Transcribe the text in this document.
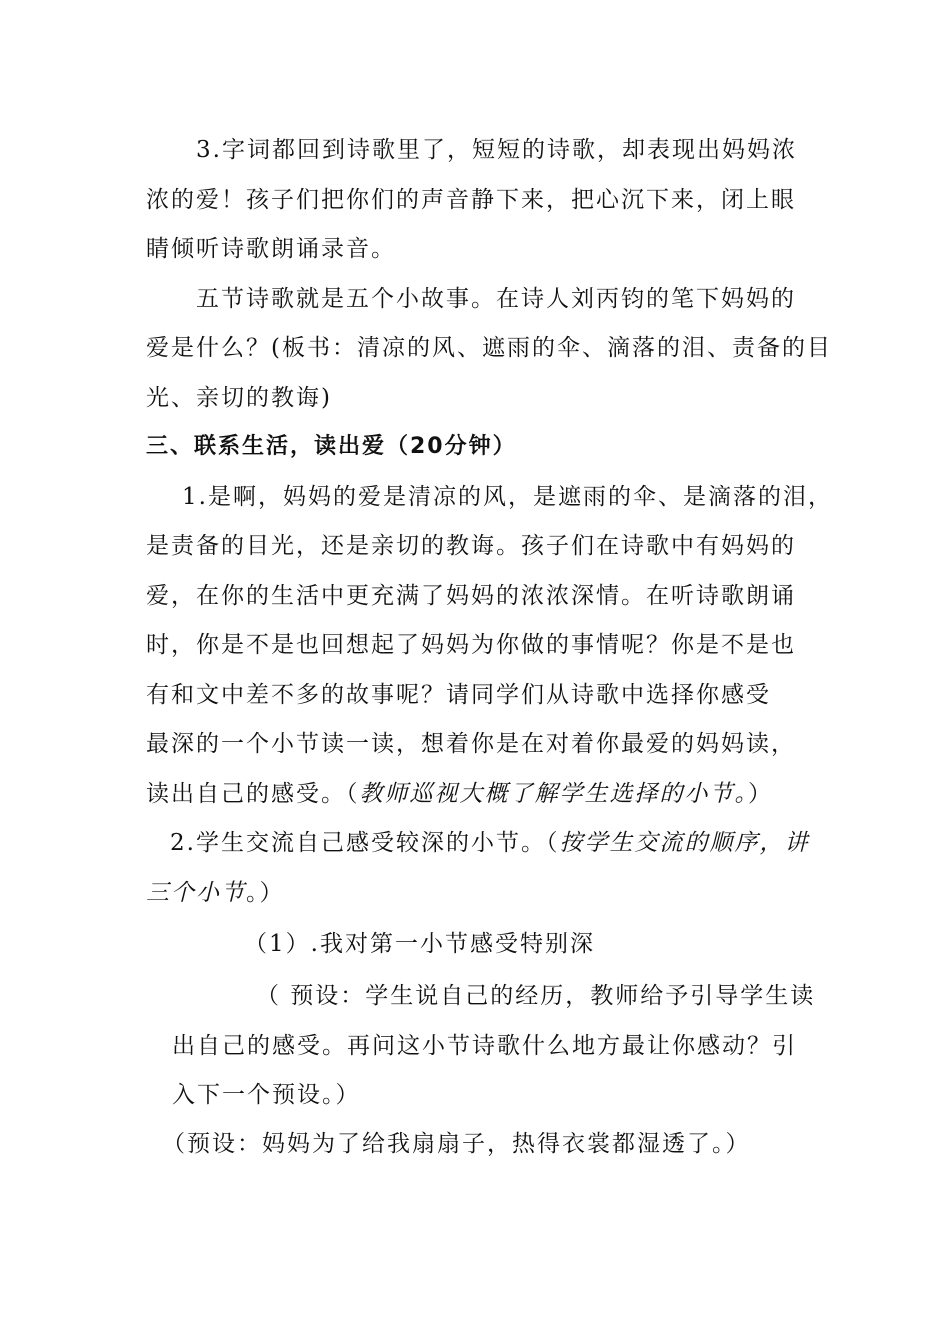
3.字词都回到诗歌里了，短短的诗歌，却表现出妈妈浓
浓的爱！孩子们把你们的声音静下来，把心沉下来，闭上眼
睛倾听诗歌朗诵录音。
五节诗歌就是五个小故事。在诗人刘丙钧的笔下妈妈的
爱是什么？(板书：清凉的风、遮雨的伞、滴落的泪、责备的目
光、亲切的教诲)
三、联系生活，读出爱（20分钟）
1.是啊，妈妈的爱是清凉的风，是遮雨的伞、是滴落的泪，
是责备的目光，还是亲切的教诲。孩子们在诗歌中有妈妈的
爱，在你的生活中更充满了妈妈的浓浓深情。在听诗歌朗诵
时，你是不是也回想起了妈妈为你做的事情呢？你是不是也
有和文中差不多的故事呢？请同学们从诗歌中选择你感受
最深的一个小节读一读，想着你是在对着你最爱的妈妈读，
读出自己的感受。（教师巡视大概了解学生选择的小节。）
2.学生交流自己感受较深的小节。（按学生交流的顺序，讲
三个小节。）
（1）.我对第一小节感受特别深
（ 预设：学生说自己的经历，教师给予引导学生读
出自己的感受。再问这小节诗歌什么地方最让你感动？引
入下一个预设。）
（预设：妈妈为了给我扇扇子，热得衣裳都湿透了。）
